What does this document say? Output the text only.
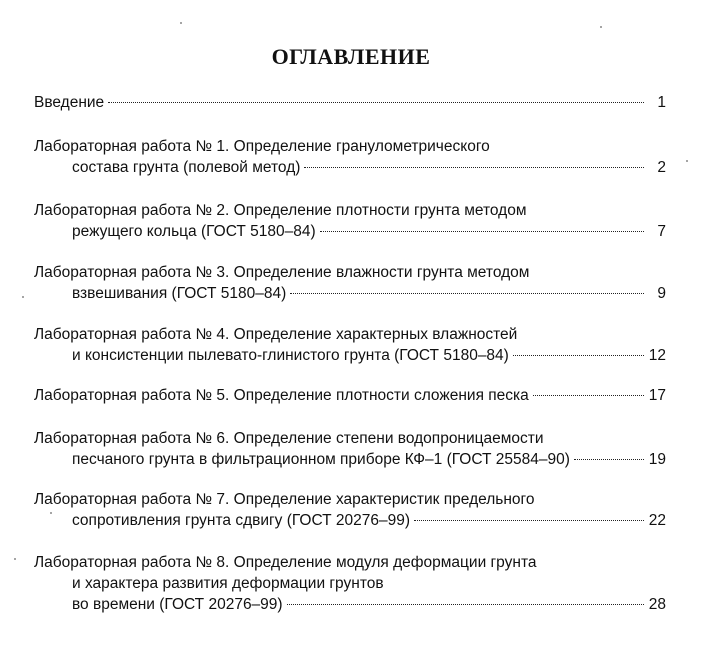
ОГЛАВЛЕНИЕ
Введение	1
Лабораторная работа № 1. Определение гранулометрического
состава грунта (полевой метод)	2
Лабораторная работа № 2. Определение плотности грунта методом
режущего кольца (ГОСТ 5180–84)	7
Лабораторная работа № 3. Определение влажности грунта методом
взвешивания (ГОСТ 5180–84)	9
Лабораторная работа № 4. Определение характерных влажностей
и консистенции пылевато-глинистого грунта (ГОСТ 5180–84)	12
Лабораторная работа № 5. Определение плотности сложения песка	17
Лабораторная работа № 6. Определение степени водопроницаемости
песчаного грунта в фильтрационном приборе КФ–1 (ГОСТ 25584–90)	19
Лабораторная работа № 7. Определение характеристик предельного
сопротивления грунта сдвигу (ГОСТ 20276–99)	22
Лабораторная работа № 8. Определение модуля деформации грунта
и характера развития деформации грунтов
во времени (ГОСТ 20276–99)	28
